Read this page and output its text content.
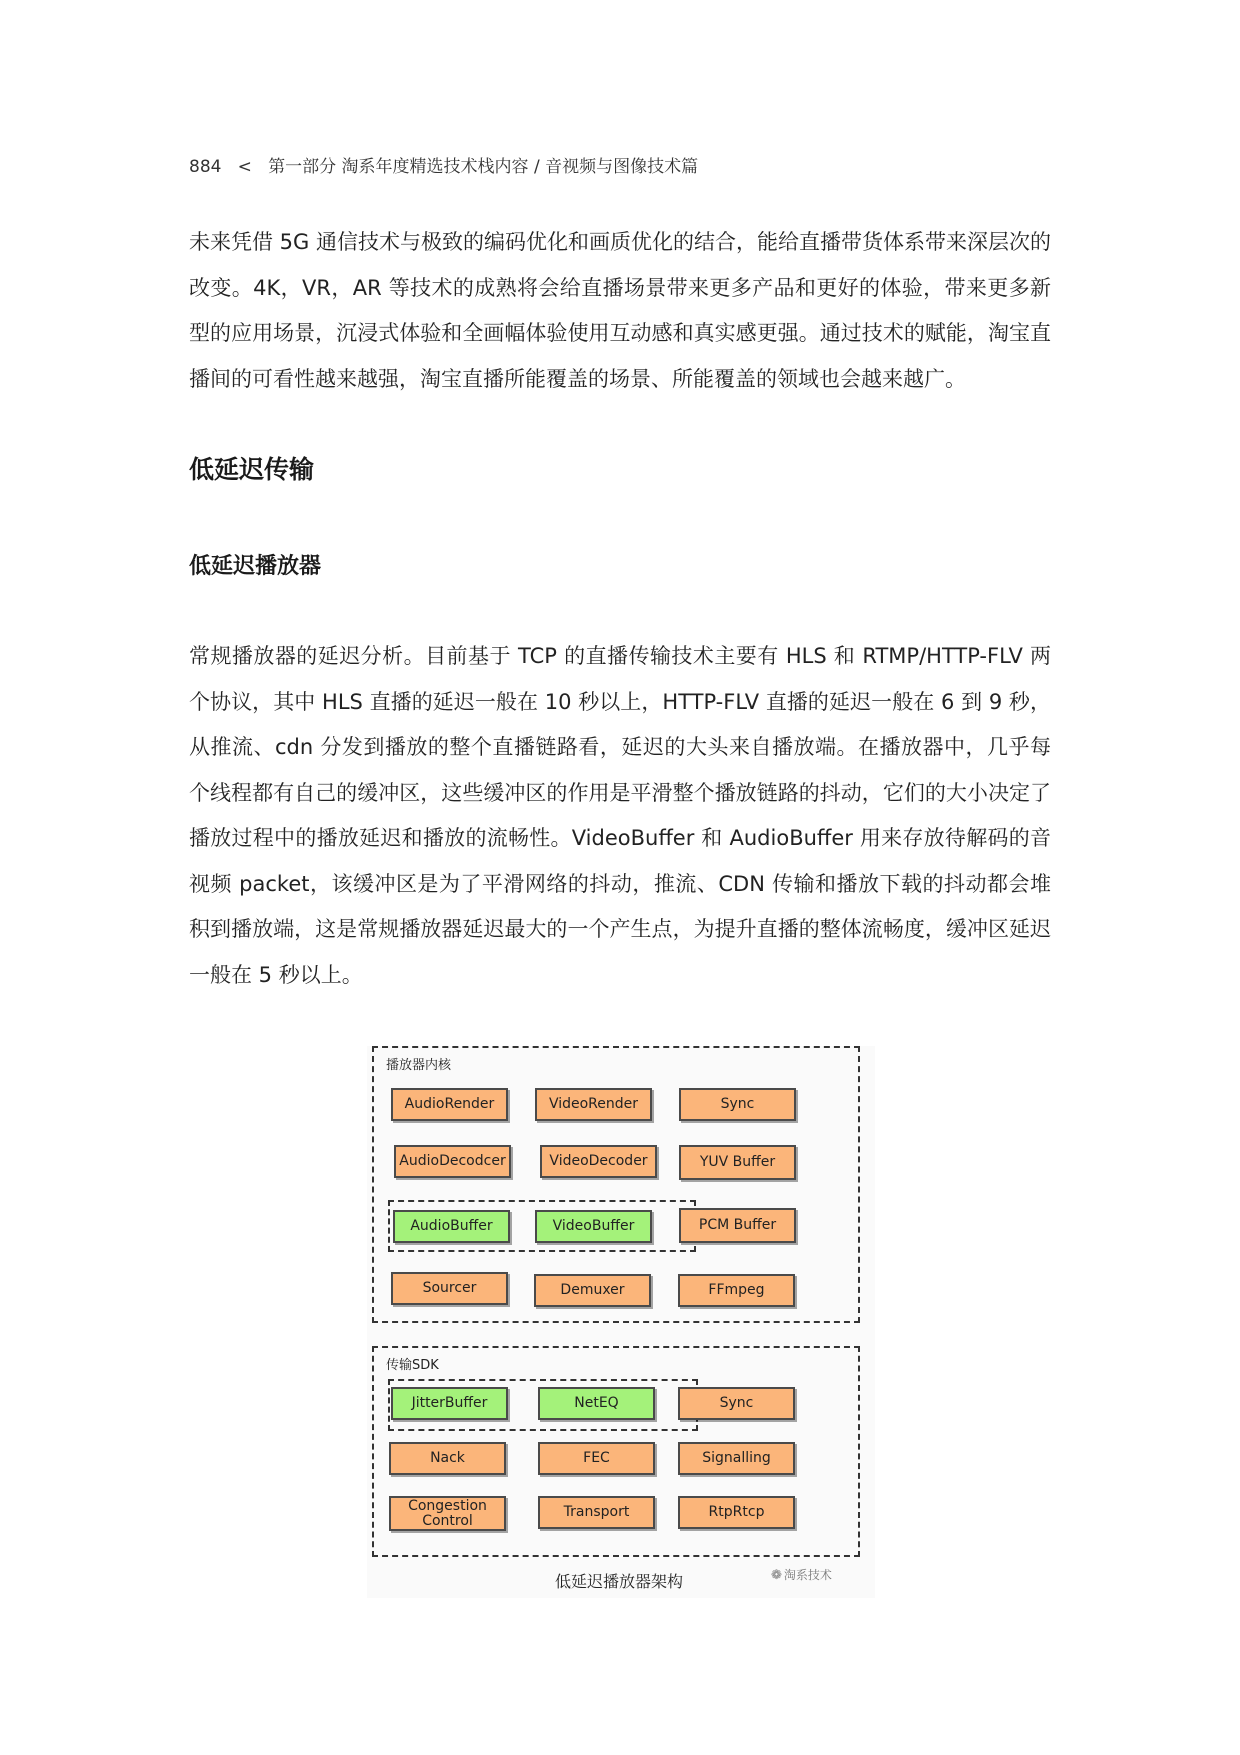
884 < 第一部分 淘系年度精选技术栈内容 / 音视频与图像技术篇

未来凭借 5G 通信技术与极致的编码优化和画质优化的结合，能给直播带货体系带来深层次的改变。4K，VR，AR 等技术的成熟将会给直播场景带来更多产品和更好的体验，带来更多新型的应用场景，沉浸式体验和全画幅体验使用互动感和真实感更强。通过技术的赋能，淘宝直播间的可看性越来越强，淘宝直播所能覆盖的场景、所能覆盖的领域也会越来越广。

低延迟传输
低延迟播放器

常规播放器的延迟分析。目前基于 TCP 的直播传输技术主要有 HLS 和 RTMP/HTTP-FLV 两个协议，其中 HLS 直播的延迟一般在 10 秒以上，HTTP-FLV 直播的延迟一般在 6 到 9 秒，从推流、cdn 分发到播放的整个直播链路看，延迟的大头来自播放端。在播放器中，几乎每个线程都有自己的缓冲区，这些缓冲区的作用是平滑整个播放链路的抖动，它们的大小决定了播放过程中的播放延迟和播放的流畅性。VideoBuffer 和 AudioBuffer 用来存放待解码的音视频 packet，该缓冲区是为了平滑网络的抖动，推流、CDN 传输和播放下载的抖动都会堆积到播放端，这是常规播放器延迟最大的一个产生点，为提升直播的整体流畅度，缓冲区延迟一般在 5 秒以上。

播放器内核
AudioRender	VideoRender	Sync
AudioDecodcer	VideoDecoder	YUV Buffer
AudioBuffer	VideoBuffer	PCM Buffer
Sourcer	Demuxer	FFmpeg
传输SDK
JitterBuffer	NetEQ	Sync
Nack	FEC	Signalling
Congestion Control
Transport	RtpRtcp
低延迟播放器架构	❁ 淘系技术
